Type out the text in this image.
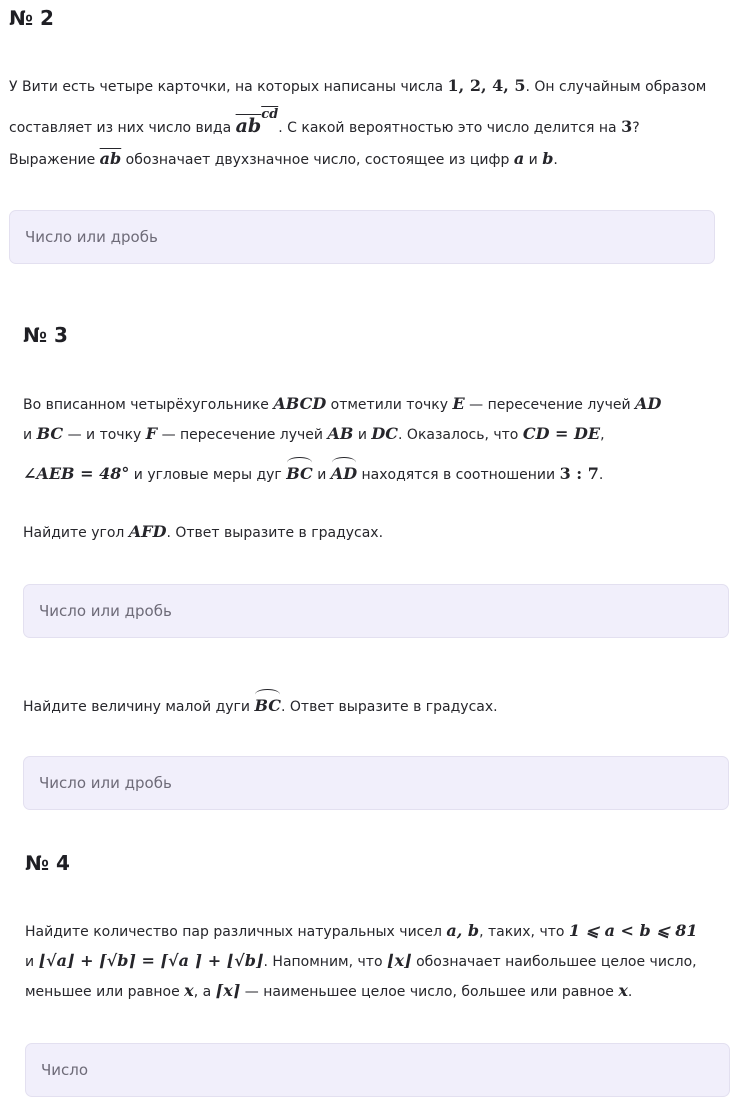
№ 2
У Вити есть четыре карточки, на которых написаны числа 1, 2, 4, 5. Он случайным образом
составляет из них число вида $\overline{ab}\overline{cd}$. С какой вероятностью это число делится на 3?
Выражение $\overline{ab}$ обозначает двухзначное число, состоящее из цифр a и b.
Число или дробь
№ 3
Во вписанном четырёхугольнике ABCD отметили точку E — пересечение лучей AD
и BC — и точку F — пересечение лучей AB и DC. Оказалось, что CD = DE,
∠AEB = 48° и угловые меры дуг BC и AD находятся в соотношении 3 : 7.
Найдите угол AFD. Ответ выразите в градусах.
Число или дробь
Найдите величину малой дуги BC. Ответ выразите в градусах.
Число или дробь
№ 4
Найдите количество пар различных натуральных чисел a, b, таких, что 1 ⩽ a < b ⩽ 81
и ⌊√a⌋ + ⌈√b⌉ = ⌈√a ⌉ + ⌊√b⌋. Напомним, что ⌊x⌋ обозначает наибольшее целое число,
меньшее или равное x, а ⌈x⌉ — наименьшее целое число, большее или равное x.
Число
